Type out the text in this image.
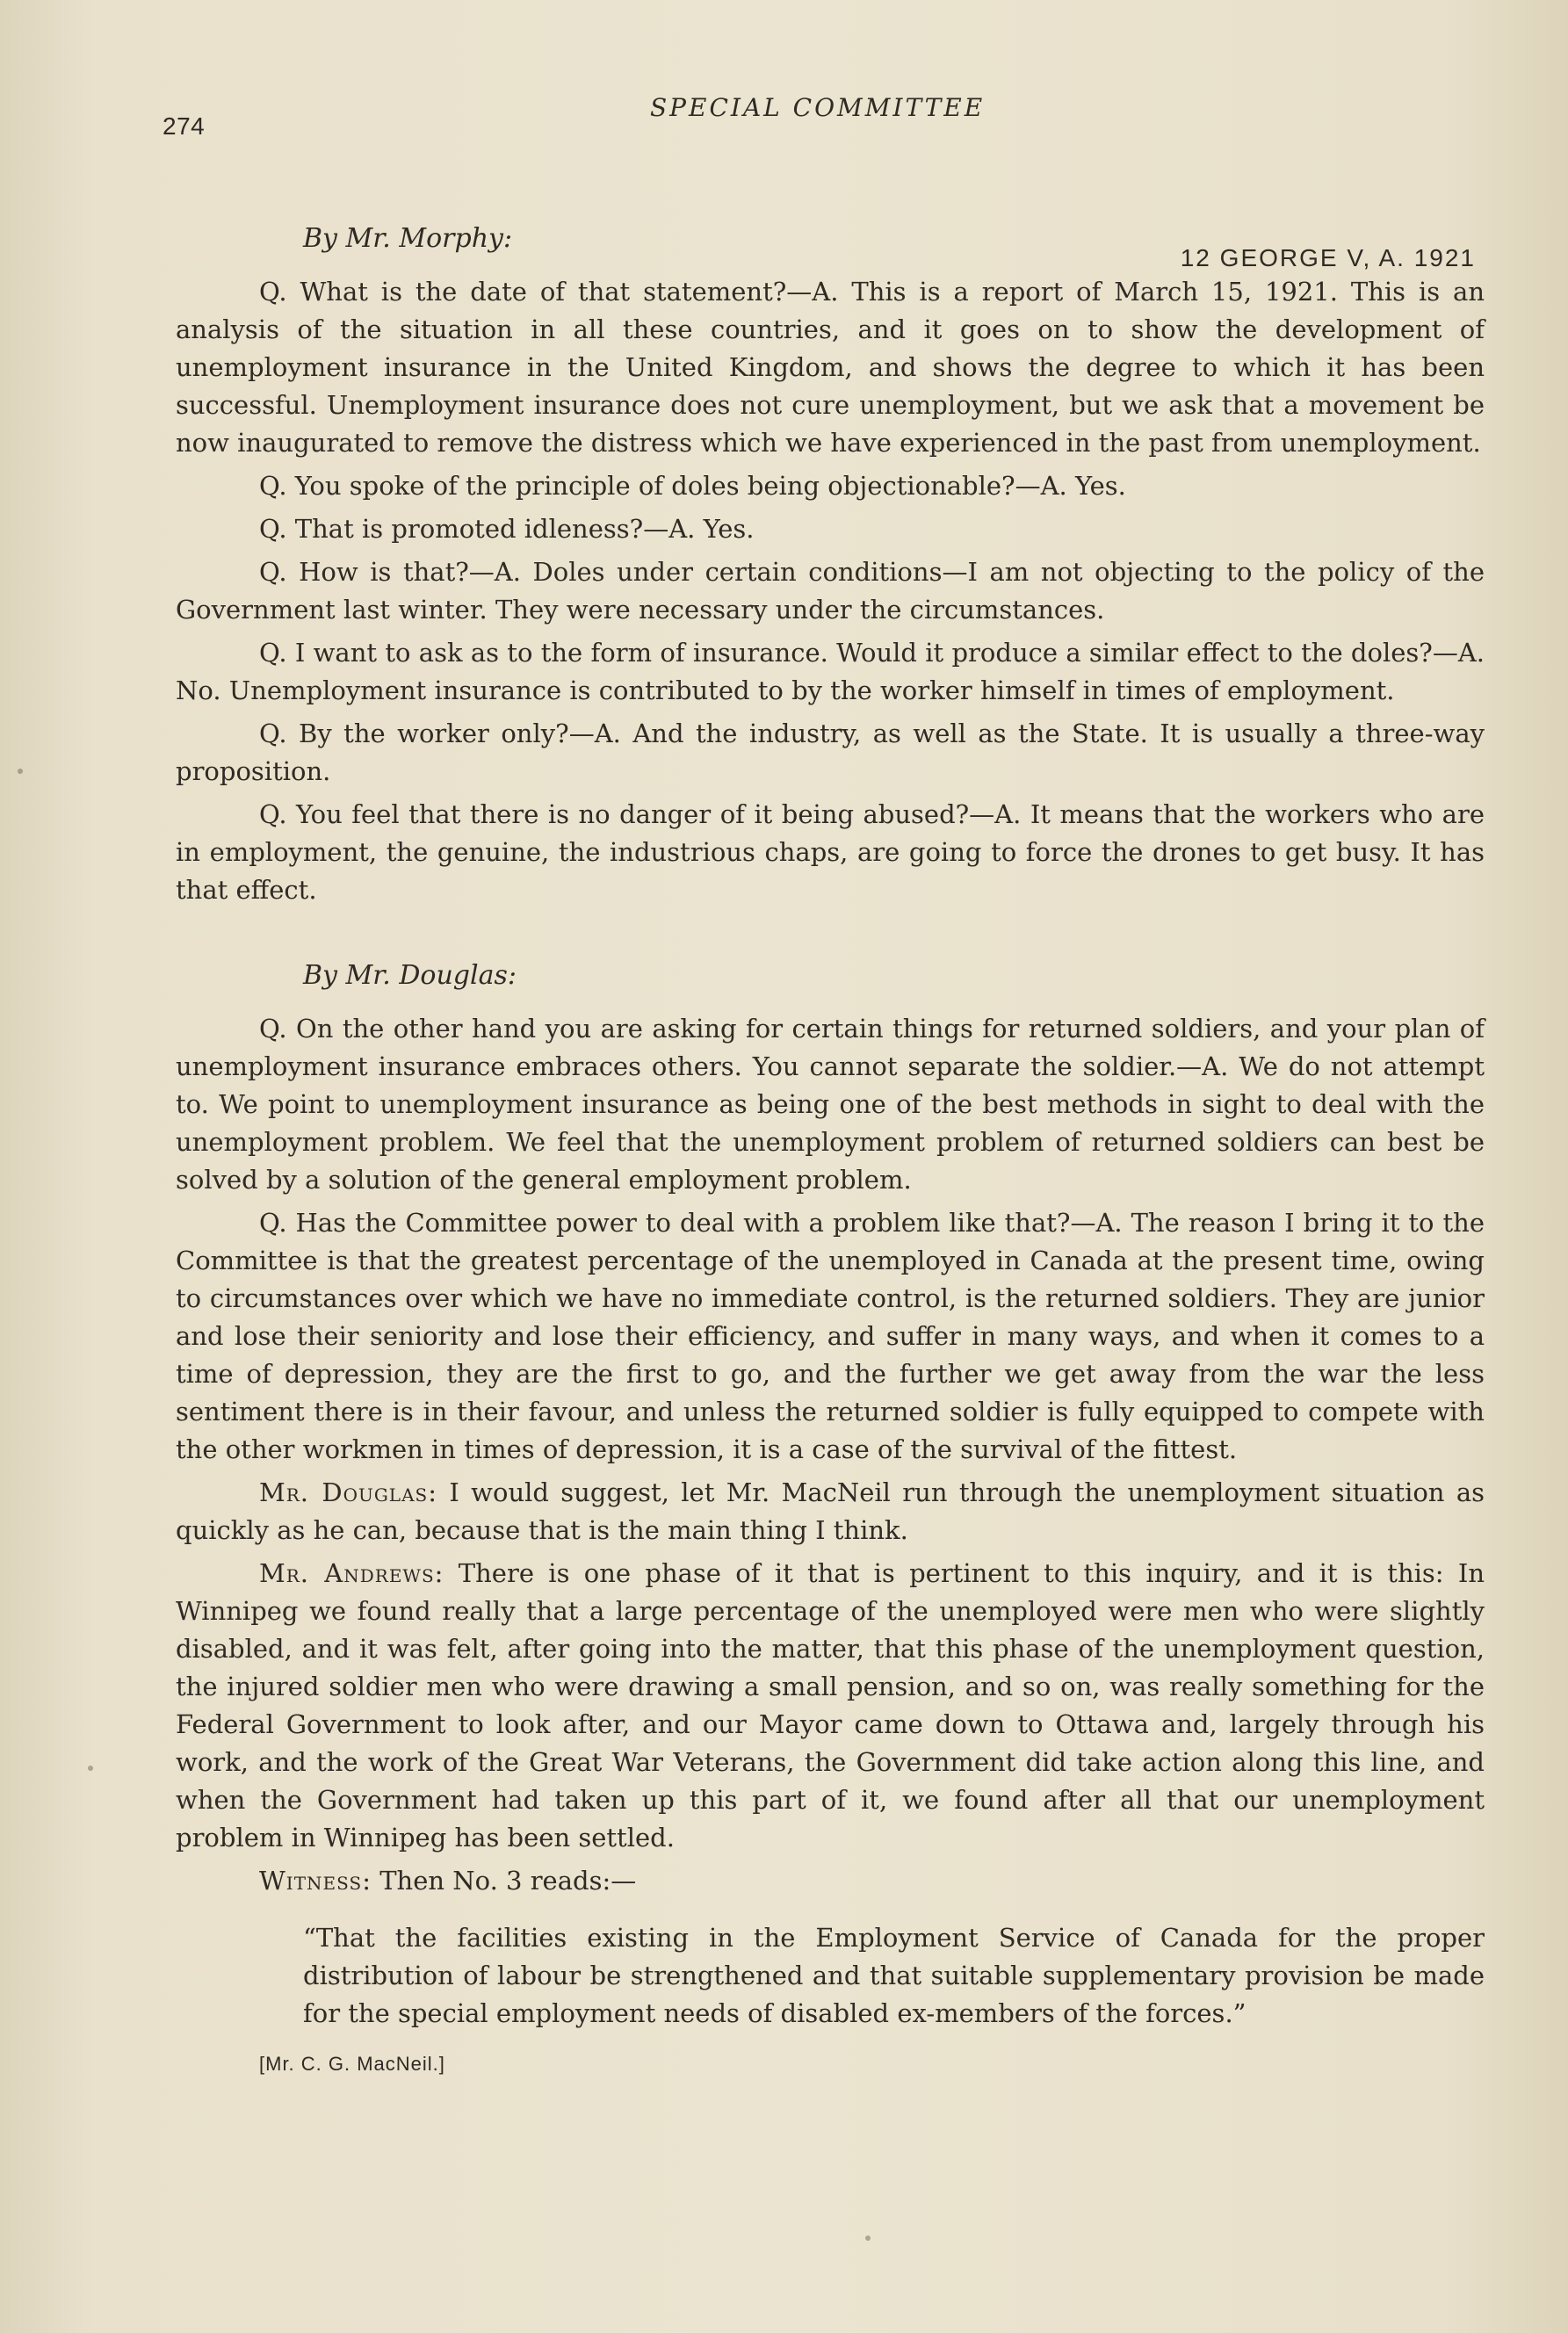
274
SPECIAL COMMITTEE
12 GEORGE V, A. 1921
By Mr. Morphy:

Q. What is the date of that statement?—A. This is a report of March 15, 1921. This is an analysis of the situation in all these countries, and it goes on to show the development of unemployment insurance in the United Kingdom, and shows the degree to which it has been successful. Unemployment insurance does not cure unemployment, but we ask that a movement be now inaugurated to remove the distress which we have experienced in the past from unemployment.

Q. You spoke of the principle of doles being objectionable?—A. Yes.

Q. That is promoted idleness?—A. Yes.

Q. How is that?—A. Doles under certain conditions—I am not objecting to the policy of the Government last winter. They were necessary under the circumstances.

Q. I want to ask as to the form of insurance. Would it produce a similar effect to the doles?—A. No. Unemployment insurance is contributed to by the worker himself in times of employment.

Q. By the worker only?—A. And the industry, as well as the State. It is usually a three-way proposition.

Q. You feel that there is no danger of it being abused?—A. It means that the workers who are in employment, the genuine, the industrious chaps, are going to force the drones to get busy. It has that effect.

By Mr. Douglas:

Q. On the other hand you are asking for certain things for returned soldiers, and your plan of unemployment insurance embraces others. You cannot separate the soldier.—A. We do not attempt to. We point to unemployment insurance as being one of the best methods in sight to deal with the unemployment problem. We feel that the unemployment problem of returned soldiers can best be solved by a solution of the general employment problem.

Q. Has the Committee power to deal with a problem like that?—A. The reason I bring it to the Committee is that the greatest percentage of the unemployed in Canada at the present time, owing to circumstances over which we have no immediate control, is the returned soldiers. They are junior and lose their seniority and lose their efficiency, and suffer in many ways, and when it comes to a time of depression, they are the first to go, and the further we get away from the war the less sentiment there is in their favour, and unless the returned soldier is fully equipped to compete with the other workmen in times of depression, it is a case of the survival of the fittest.

Mr. Douglas: I would suggest, let Mr. MacNeil run through the unemployment situation as quickly as he can, because that is the main thing I think.

Mr. Andrews: There is one phase of it that is pertinent to this inquiry, and it is this: In Winnipeg we found really that a large percentage of the unemployed were men who were slightly disabled, and it was felt, after going into the matter, that this phase of the unemployment question, the injured soldier men who were drawing a small pension, and so on, was really something for the Federal Government to look after, and our Mayor came down to Ottawa and, largely through his work, and the work of the Great War Veterans, the Government did take action along this line, and when the Government had taken up this part of it, we found after all that our unemployment problem in Winnipeg has been settled.

Witness: Then No. 3 reads:—

“That the facilities existing in the Employment Service of Canada for the proper distribution of labour be strengthened and that suitable supplementary provision be made for the special employment needs of disabled ex-members of the forces.”

[Mr. C. G. MacNeil.]
